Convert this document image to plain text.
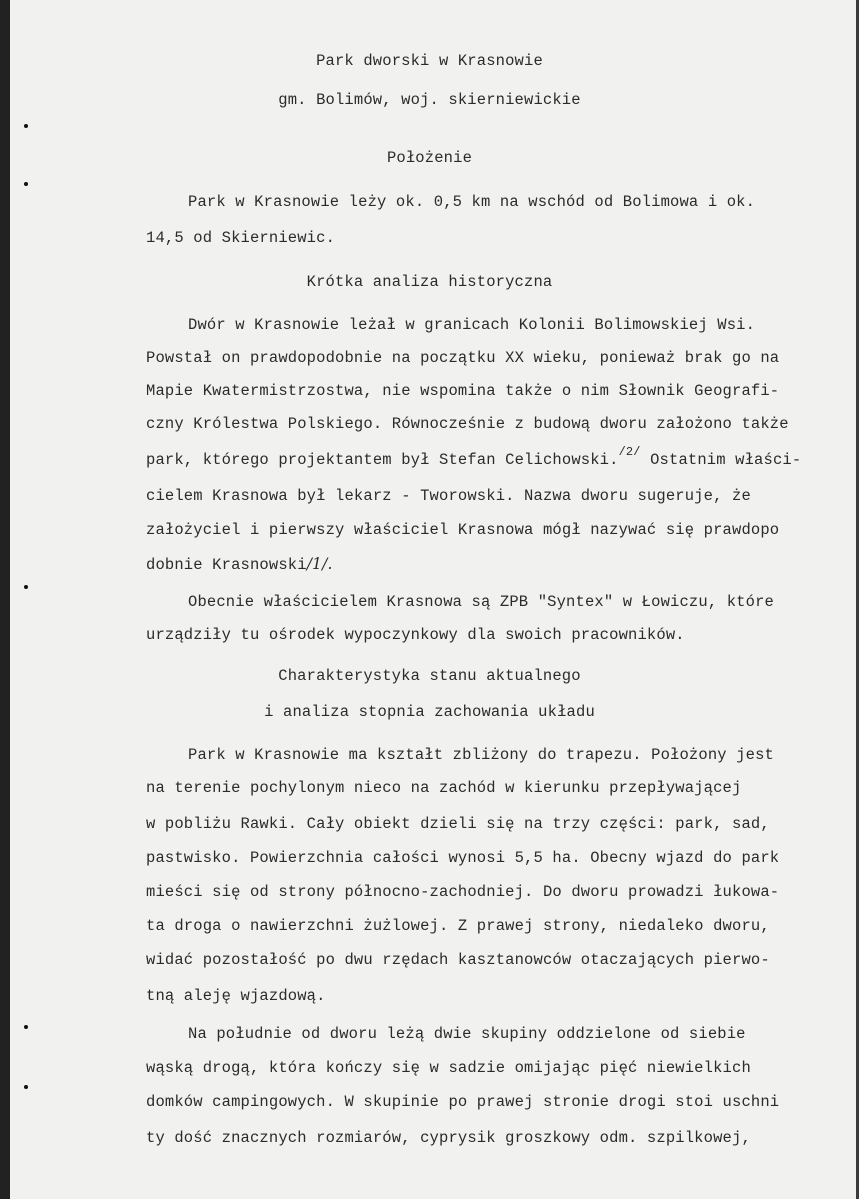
Park dworski w Krasnowie
gm. Bolimów, woj. skierniewickie
Położenie
Park w Krasnowie leży ok. 0,5 km na wschód od Bolimowa i ok.
14,5 od Skierniewic.
Krótka analiza historyczna
Dwór w Krasnowie leżał w granicach Kolonii Bolimowskiej Wsi.
Powstał on prawdopodobnie na początku XX wieku, ponieważ brak go na
Mapie Kwatermistrzostwa, nie wspomina także o nim Słownik Geografi-
czny Królestwa Polskiego. Równocześnie z budową dworu założono także
park, którego projektantem był Stefan Celichowski.$^{/2/}$ Ostatnim właści-
cielem Krasnowa był lekarz - Tworowski. Nazwa dworu sugeruje, że
założyciel i pierwszy właściciel Krasnowa mógł nazywać się prawdopo
dobnie Krasnowski/1/.
Obecnie właścicielem Krasnowa są ZPB "Syntex" w Łowiczu, które
urządziły tu ośrodek wypoczynkowy dla swoich pracowników.
Charakterystyka stanu aktualnego
i analiza stopnia zachowania układu
Park w Krasnowie ma kształt zbliżony do trapezu. Położony jest
na terenie pochylonym nieco na zachód w kierunku przepływającej
w pobliżu Rawki. Cały obiekt dzieli się na trzy części: park, sad,
pastwisko. Powierzchnia całości wynosi 5,5 ha. Obecny wjazd do park
mieści się od strony północno-zachodniej. Do dworu prowadzi łukowa-
ta droga o nawierzchni żużlowej. Z prawej strony, niedaleko dworu,
widać pozostałość po dwu rzędach kasztanowców otaczających pierwo-
tną aleję wjazdową.
Na południe od dworu leżą dwie skupiny oddzielone od siebie
wąską drogą, która kończy się w sadzie omijając pięć niewielkich
domków campingowych. W skupinie po prawej stronie drogi stoi uschni
ty dość znacznych rozmiarów, cyprysik groszkowy odm. szpilkowej,
